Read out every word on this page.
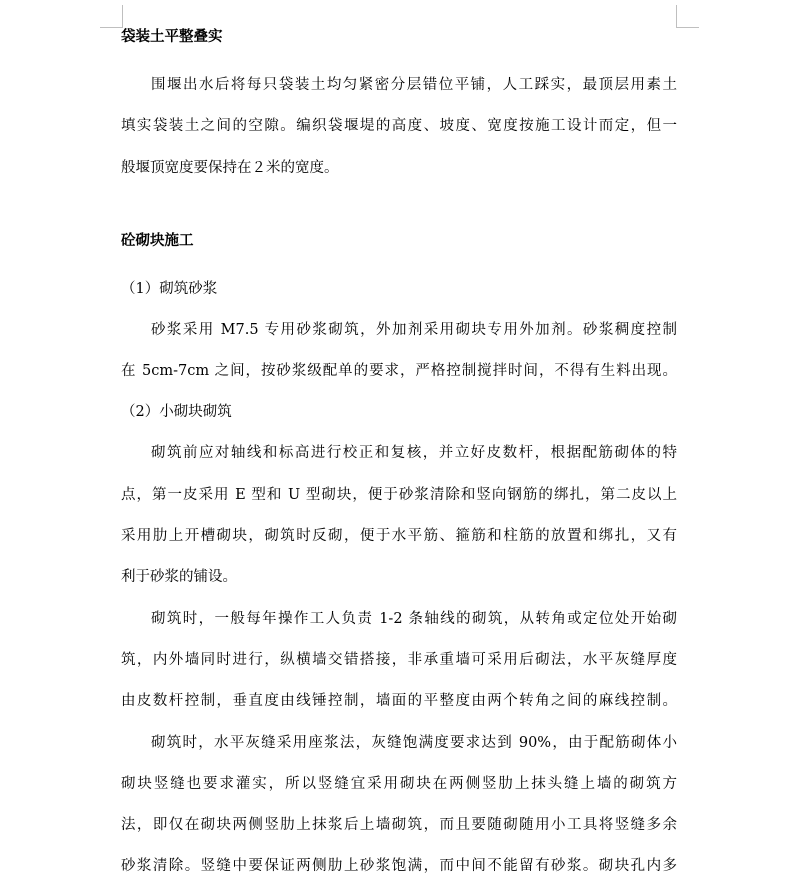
袋装土平整叠实
围堰出水后将每只袋装土均匀紧密分层错位平铺，人工踩实，最顶层用素土
填实袋装土之间的空隙。编织袋堰堤的高度、坡度、宽度按施工设计而定，但一
般堰顶宽度要保持在２米的宽度。
砼砌块施工
（1）砌筑砂浆
砂浆采用 M7.5 专用砂浆砌筑，外加剂采用砌块专用外加剂。砂浆稠度控制
在 5cm-7cm 之间，按砂浆级配单的要求，严格控制搅拌时间，不得有生料出现。
（2）小砌块砌筑
砌筑前应对轴线和标高进行校正和复核，并立好皮数杆，根据配筋砌体的特
点，第一皮采用 E 型和 U 型砌块，便于砂浆清除和竖向钢筋的绑扎，第二皮以上
采用肋上开槽砌块，砌筑时反砌，便于水平筋、箍筋和柱筋的放置和绑扎，又有
利于砂浆的铺设。
砌筑时，一般每年操作工人负责 1-2 条轴线的砌筑，从转角或定位处开始砌
筑，内外墙同时进行，纵横墙交错搭接，非承重墙可采用后砌法，水平灰缝厚度
由皮数杆控制，垂直度由线锤控制，墙面的平整度由两个转角之间的麻线控制。
砌筑时，水平灰缝采用座浆法，灰缝饱满度要求达到 90%，由于配筋砌体小
砌块竖缝也要求灌实，所以竖缝宜采用砌块在两侧竖肋上抹头缝上墙的砌筑方
法，即仅在砌块两侧竖肋上抹浆后上墙砌筑，而且要随砌随用小工具将竖缝多余
砂浆清除。竖缝中要保证两侧肋上砂浆饱满，而中间不能留有砂浆。砌块孔内多
